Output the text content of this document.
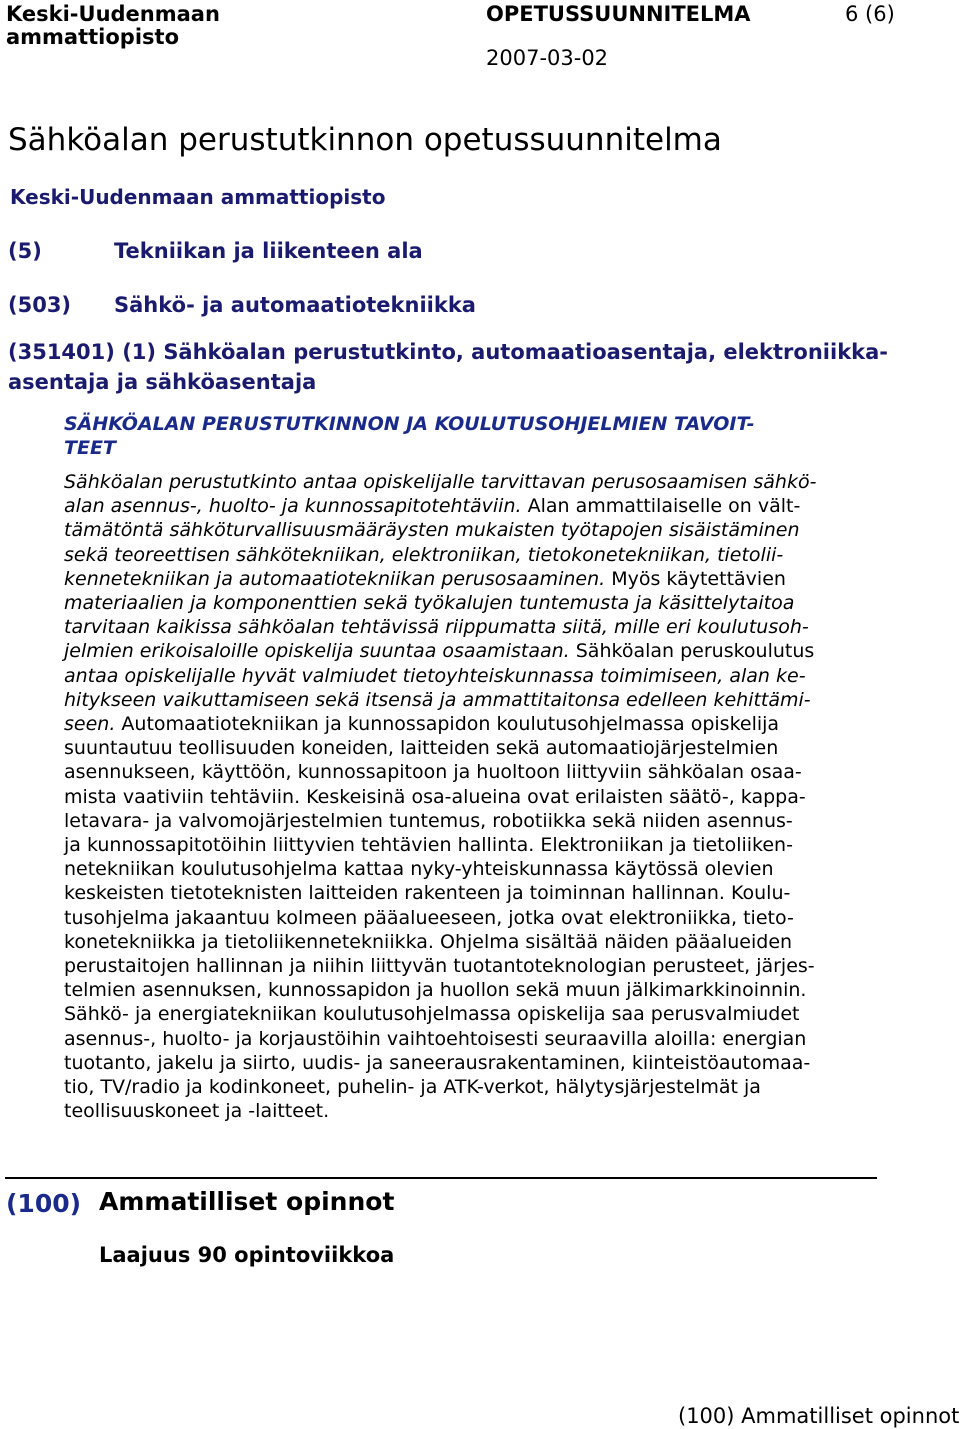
Keski-Uudenmaan
ammattiopisto
OPETUSSUUNNITELMA	6 (6)
2007-03-02
Sähköalan perustutkinnon opetussuunnitelma
Keski-Uudenmaan ammattiopisto
(5)	Tekniikan ja liikenteen ala
(503) Sähkö- ja automaatiotekniikka
(351401) (1) Sähköalan perustutkinto, automaatioasentaja, elektroniikka-
asentaja ja sähköasentaja
SÄHKÖALAN PERUSTUTKINNON JA KOULUTUSOHJELMIEN TAVOIT-
TEET
Sähköalan perustutkinto antaa opiskelijalle tarvittavan perusosaamisen sähkö-
alan asennus-, huolto- ja kunnossapitotehtäviin. Alan ammattilaiselle on vält-
tämätöntä sähköturvallisuusmääräysten mukaisten työtapojen sisäistäminen
sekä teoreettisen sähkötekniikan, elektroniikan, tietokonetekniikan, tietolii-
kennetekniikan ja automaatiotekniikan perusosaaminen. Myös käytettävien
materiaalien ja komponenttien sekä työkalujen tuntemusta ja käsittelytaitoa
tarvitaan kaikissa sähköalan tehtävissä riippumatta siitä, mille eri koulutusoh-
jelmien erikoisaloille opiskelija suuntaa osaamistaan. Sähköalan peruskoulutus
antaa opiskelijalle hyvät valmiudet tietoyhteiskunnassa toimimiseen, alan ke-
hitykseen vaikuttamiseen sekä itsensä ja ammattitaitonsa edelleen kehittämi-
seen. Automaatiotekniikan ja kunnossapidon koulutusohjelmassa opiskelija
suuntautuu teollisuuden koneiden, laitteiden sekä automaatiojärjestelmien
asennukseen, käyttöön, kunnossapitoon ja huoltoon liittyviin sähköalan osaa-
mista vaativiin tehtäviin. Keskeisinä osa-alueina ovat erilaisten säätö-, kappa-
letavara- ja valvomojärjestelmien tuntemus, robotiikka sekä niiden asennus-
ja kunnossapitotöihin liittyvien tehtävien hallinta. Elektroniikan ja tietoliiken-
netekniikan koulutusohjelma kattaa nyky-yhteiskunnassa käytössä olevien
keskeisten tietoteknisten laitteiden rakenteen ja toiminnan hallinnan. Koulu-
tusohjelma jakaantuu kolmeen pääalueeseen, jotka ovat elektroniikka, tieto-
konetekniikka ja tietoliikennetekniikka. Ohjelma sisältää näiden pääalueiden
perustaitojen hallinnan ja niihin liittyvän tuotantoteknologian perusteet, järjes-
telmien asennuksen, kunnossapidon ja huollon sekä muun jälkimarkkinoinnin.
Sähkö- ja energiatekniikan koulutusohjelmassa opiskelija saa perusvalmiudet
asennus-, huolto- ja korjaustöihin vaihtoehtoisesti seuraavilla aloilla: energian
tuotanto, jakelu ja siirto, uudis- ja saneerausrakentaminen, kiinteistöautomaa-
tio, TV/radio ja kodinkoneet, puhelin- ja ATK-verkot, hälytysjärjestelmät ja
teollisuuskoneet ja -laitteet.
(100) Ammatilliset opinnot
Laajuus 90 opintoviikkoa
(100) Ammatilliset opinnot
